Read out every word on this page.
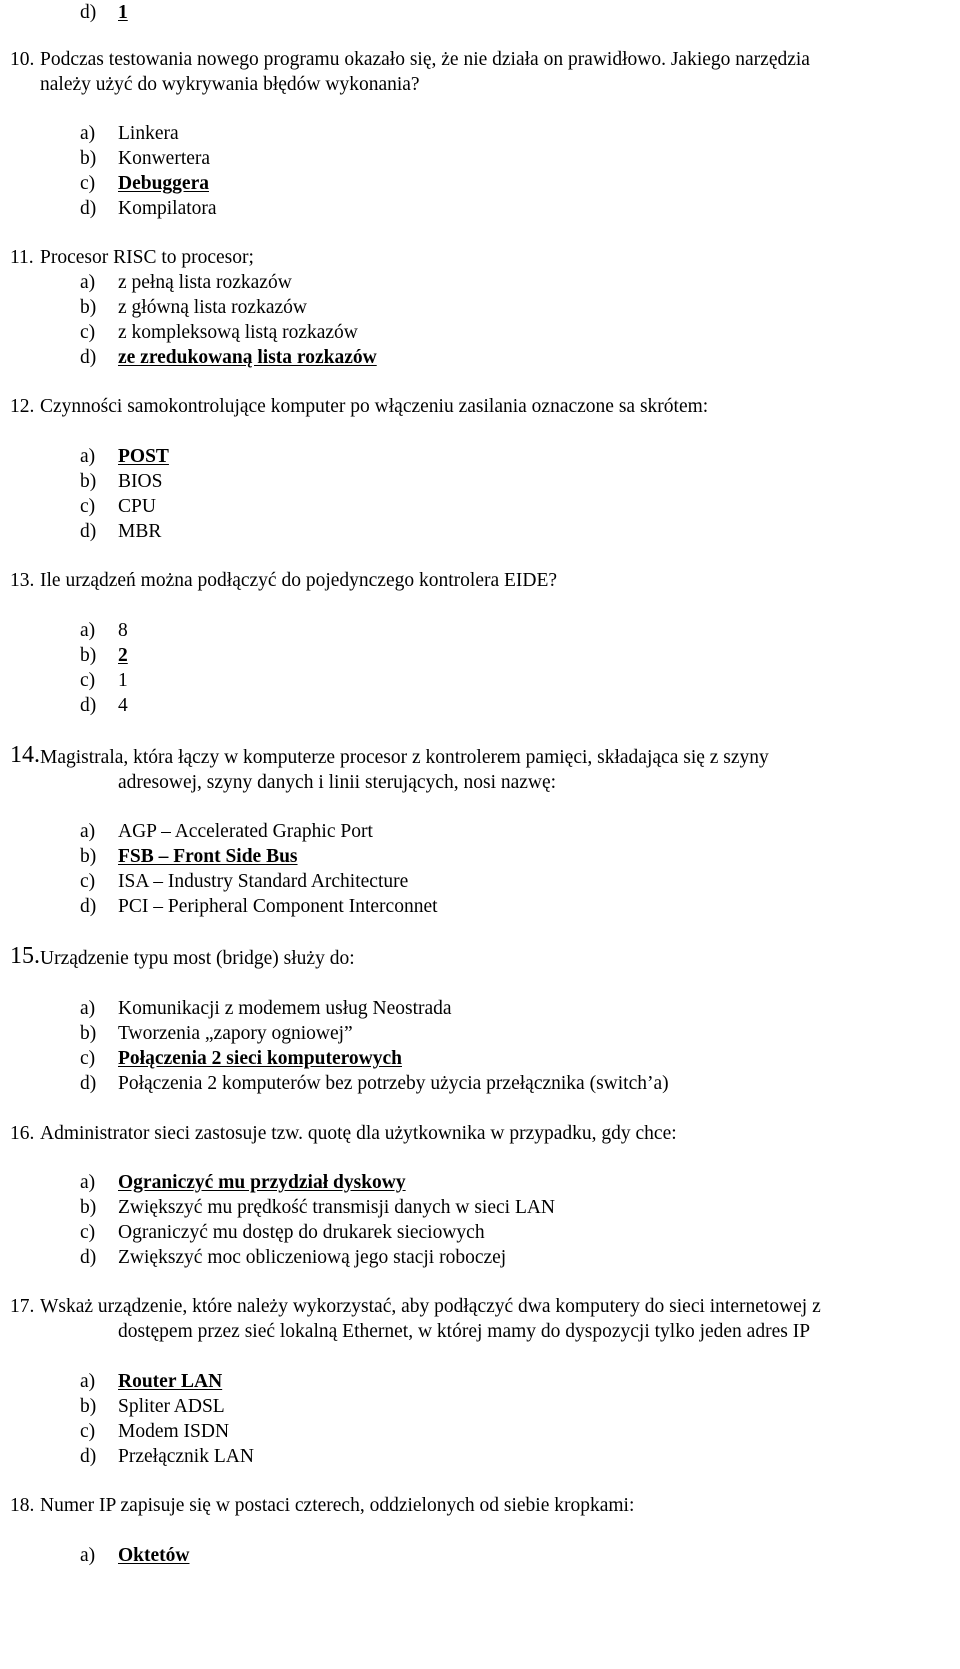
d) 1
10. Podczas testowania nowego programu okazało się, że nie działa on prawidłowo. Jakiego narzędzia
należy użyć do wykrywania błędów wykonania?
a) Linkera
b) Konwertera
c) Debuggera
d) Kompilatora
11. Procesor RISC to procesor;
a) z pełną lista rozkazów
b) z główną lista rozkazów
c) z kompleksową listą rozkazów
d) ze zredukowaną lista rozkazów
12. Czynności samokontrolujące komputer po włączeniu zasilania oznaczone sa skrótem:
a) POST
b) BIOS
c) CPU
d) MBR
13. Ile urządzeń można podłączyć do pojedynczego kontrolera EIDE?
a) 8
b) 2
c) 1
d) 4
14. Magistrala, która łączy w komputerze procesor z kontrolerem pamięci, składająca się z szyny
adresowej, szyny danych i linii sterujących, nosi nazwę:
a) AGP – Accelerated Graphic Port
b) FSB – Front Side Bus
c) ISA – Industry Standard Architecture
d) PCI – Peripheral Component Interconnet
15. Urządzenie typu most (bridge) służy do:
a) Komunikacji z modemem usług Neostrada
b) Tworzenia „zapory ogniowej”
c) Połączenia 2 sieci komputerowych
d) Połączenia 2 komputerów bez potrzeby użycia przełącznika (switch’a)
16. Administrator sieci zastosuje tzw. quotę dla użytkownika w przypadku, gdy chce:
a) Ograniczyć mu przydział dyskowy
b) Zwiększyć mu prędkość transmisji danych w sieci LAN
c) Ograniczyć mu dostęp do drukarek sieciowych
d) Zwiększyć moc obliczeniową jego stacji roboczej
17. Wskaż urządzenie, które należy wykorzystać, aby podłączyć dwa komputery do sieci internetowej z
dostępem przez sieć lokalną Ethernet, w której mamy do dyspozycji tylko jeden adres IP
a) Router LAN
b) Spliter ADSL
c) Modem ISDN
d) Przełącznik LAN
18. Numer IP zapisuje się w postaci czterech, oddzielonych od siebie kropkami:
a) Oktetów
